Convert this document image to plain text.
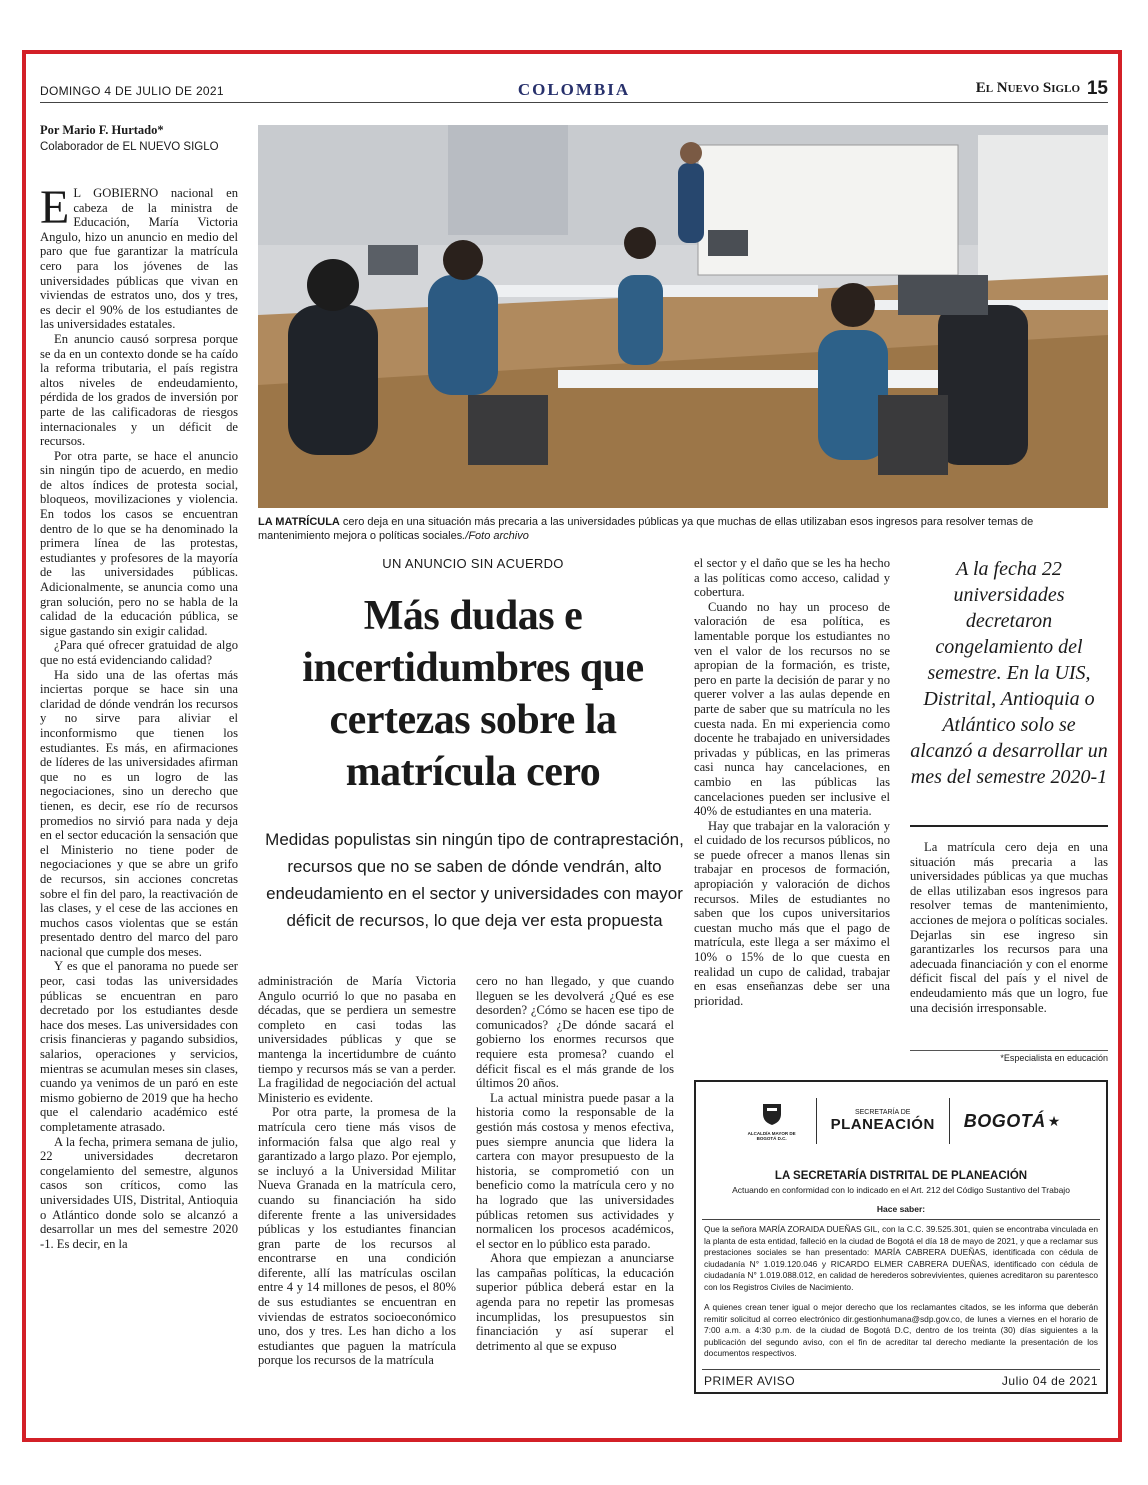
DOMINGO 4 DE JULIO DE 2021	COLOMBIA	El Nuevo Siglo 15
Por Mario F. Hurtado*
Colaborador de EL NUEVO SIGLO

E L GOBIERNO nacional en cabeza de la ministra de Educación, María Victoria Angulo, hizo un anuncio en medio del paro que fue garantizar la matrícula cero para los jóvenes de las universidades públicas que vivan en viviendas de estratos uno, dos y tres, es decir el 90% de los estudiantes de las universidades estatales.

En anuncio causó sorpresa porque se da en un contexto donde se ha caído la reforma tributaria, el país registra altos niveles de endeudamiento, pérdida de los grados de inversión por parte de las calificadoras de riesgos internacionales y un déficit de recursos.

Por otra parte, se hace el anuncio sin ningún tipo de acuerdo, en medio de altos índices de protesta social, bloqueos, movilizaciones y violencia. En todos los casos se encuentran dentro de lo que se ha denominado la primera línea de las protestas, estudiantes y profesores de la mayoría de las universidades públicas. Adicionalmente, se anuncia como una gran solución, pero no se habla de la calidad de la educación pública, se sigue gastando sin exigir calidad.

¿Para qué ofrecer gratuidad de algo que no está evidenciando calidad?

Ha sido una de las ofertas más inciertas porque se hace sin una claridad de dónde vendrán los recursos y no sirve para aliviar el inconformismo que tienen los estudiantes. Es más, en afirmaciones de líderes de las universidades afirman que no es un logro de las negociaciones, sino un derecho que tienen, es decir, ese río de recursos promedios no sirvió para nada y deja en el sector educación la sensación que el Ministerio no tiene poder de negociaciones y que se abre un grifo de recursos, sin acciones concretas sobre el fin del paro, la reactivación de las clases, y el cese de las acciones en muchos casos violentas que se están presentado dentro del marco del paro nacional que cumple dos meses.

Y es que el panorama no puede ser peor, casi todas las universidades públicas se encuentran en paro decretado por los estudiantes desde hace dos meses. Las universidades con crisis financieras y pagando subsidios, salarios, operaciones y servicios, mientras se acumulan meses sin clases, cuando ya venimos de un paró en este mismo gobierno de 2019 que ha hecho que el calendario académico esté completamente atrasado.

A la fecha, primera semana de julio, 22 universidades decretaron congelamiento del semestre, algunos casos son críticos, como las universidades UIS, Distrital, Antioquia o Atlántico donde solo se alcanzó a desarrollar un mes del semestre 2020 -1. Es decir, en la

LA MATRÍCULA cero deja en una situación más precaria a las universidades públicas ya que muchas de ellas utilizaban esos ingresos para resolver temas de mantenimiento mejora o políticas sociales./Foto archivo
UN ANUNCIO SIN ACUERDO
Más dudas e incertidumbres que certezas sobre la matrícula cero
Medidas populistas sin ningún tipo de contraprestación, recursos que no se saben de dónde vendrán, alto endeudamiento en el sector y universidades con mayor déficit de recursos, lo que deja ver esta propuesta

administración de María Victoria Angulo ocurrió lo que no pasaba en décadas, que se perdiera un semestre completo en casi todas las universidades públicas y que se mantenga la incertidumbre de cuánto tiempo y recursos más se van a perder. La fragilidad de negociación del actual Ministerio es evidente.

Por otra parte, la promesa de la matrícula cero tiene más visos de información falsa que algo real y garantizado a largo plazo. Por ejemplo, se incluyó a la Universidad Militar Nueva Granada en la matrícula cero, cuando su financiación ha sido diferente frente a las universidades públicas y los estudiantes financian gran parte de los recursos al encontrarse en una condición diferente, allí las matrículas oscilan entre 4 y 14 millones de pesos, el 80% de sus estudiantes se encuentran en viviendas de estratos socioeconómico uno, dos y tres. Les han dicho a los estudiantes que paguen la matrícula porque los recursos de la matrícula

cero no han llegado, y que cuando lleguen se les devolverá ¿Qué es ese desorden? ¿Cómo se hacen ese tipo de comunicados? ¿De dónde sacará el gobierno los enormes recursos que requiere esta promesa? cuando el déficit fiscal es el más grande de los últimos 20 años.

La actual ministra puede pasar a la historia como la responsable de la gestión más costosa y menos efectiva, pues siempre anuncia que lidera la cartera con mayor presupuesto de la historia, se comprometió con un beneficio como la matrícula cero y no ha logrado que las universidades públicas retomen sus actividades y normalicen los procesos académicos, el sector en lo público esta parado.

Ahora que empiezan a anunciarse las campañas políticas, la educación superior pública deberá estar en la agenda para no repetir las promesas incumplidas, los presupuestos sin financiación y así superar el detrimento al que se expuso

el sector y el daño que se les ha hecho a las políticas como acceso, calidad y cobertura.

Cuando no hay un proceso de valoración de esa política, es lamentable porque los estudiantes no ven el valor de los recursos no se apropian de la formación, es triste, pero en parte la decisión de parar y no querer volver a las aulas depende en parte de saber que su matrícula no les cuesta nada. En mi experiencia como docente he trabajado en universidades privadas y públicas, en las primeras casi nunca hay cancelaciones, en cambio en las públicas las cancelaciones pueden ser inclusive el 40% de estudiantes en una materia.

Hay que trabajar en la valoración y el cuidado de los recursos públicos, no se puede ofrecer a manos llenas sin trabajar en procesos de formación, apropiación y valoración de dichos recursos. Miles de estudiantes no saben que los cupos universitarios cuestan mucho más que el pago de matrícula, este llega a ser máximo el 10% o 15% de lo que cuesta en realidad un cupo de calidad, trabajar en esas enseñanzas debe ser una prioridad.

A la fecha 22 universidades decretaron congelamiento del semestre. En la UIS, Distrital, Antioquia o Atlántico solo se alcanzó a desarrollar un mes del semestre 2020-1

La matrícula cero deja en una situación más precaria a las universidades públicas ya que muchas de ellas utilizaban esos ingresos para resolver temas de mantenimiento, acciones de mejora o políticas sociales. Dejarlas sin ese ingreso sin garantizarles los recursos para una adecuada financiación y con el enorme déficit fiscal del país y el nivel de endeudamiento más que un logro, fue una decisión irresponsable.

*Especialista en educación
ALCALDÍA MAYOR DE BOGOTÁ D.C.
SECRETARÍA DE
PLANEACIÓN BOGOTÁ ★
LA SECRETARÍA DISTRITAL DE PLANEACIÓN
Actuando en conformidad con lo indicado en el Art. 212 del Código Sustantivo del Trabajo
Hace saber:
Que la señora MARÍA ZORAIDA DUEÑAS GIL, con la C.C. 39.525.301, quien se encontraba vinculada en la planta de esta entidad, falleció en la ciudad de Bogotá el día 18 de mayo de 2021, y que a reclamar sus prestaciones sociales se han presentado: MARÍA CABRERA DUEÑAS, identificada con cédula de ciudadanía N° 1.019.120.046 y RICARDO ELMER CABRERA DUEÑAS, identificado con cédula de ciudadanía N° 1.019.088.012, en calidad de herederos sobrevivientes, quienes acreditaron su parentesco con los Registros Civiles de Nacimiento.
A quienes crean tener igual o mejor derecho que los reclamantes citados, se les informa que deberán remitir solicitud al correo electrónico dir.gestionhumana@sdp.gov.co, de lunes a viernes en el horario de 7:00 a.m. a 4:30 p.m. de la ciudad de Bogotá D.C, dentro de los treinta (30) días siguientes a la publicación del segundo aviso, con el fin de acreditar tal derecho mediante la presentación de los documentos respectivos.
PRIMER AVISO	Julio 04 de 2021
